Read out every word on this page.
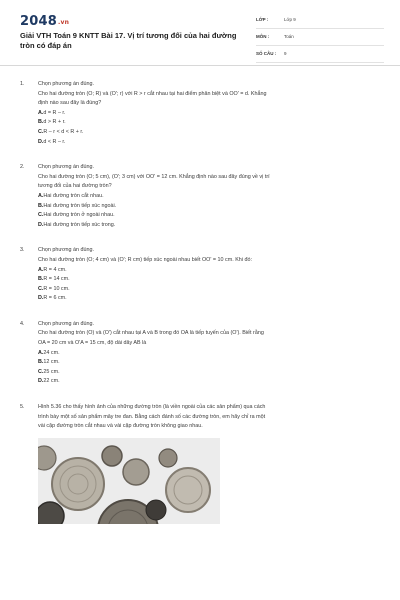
2048.vn
Giải VTH Toán 9 KNTT Bài 17. Vị trí tương đối của hai đường tròn có đáp án
LỚP :	Lớp 9
MÔN :	Toán
SỐ CÂU : 9
1.	Chọn phương án đúng.
Cho hai đường tròn (O; R) và (O'; r) với R > r cắt nhau tại hai điểm phân biệt và OO' = d. Khẳng
định nào sau đây là đúng?
A.d = R – r.
B.d > R + r.
C.R – r < d < R + r.
D.d < R – r.
2.	Chọn phương án đúng.
Cho hai đường tròn (O; 5 cm), (O'; 3 cm) với OO' = 12 cm. Khẳng định nào sau đây đúng về vị trí
tương đối của hai đường tròn?
A.Hai đường tròn cắt nhau.
B.Hai đường tròn tiếp xúc ngoài.
C.Hai đường tròn ở ngoài nhau.
D.Hai đường tròn tiếp xúc trong.
3.	Chọn phương án đúng.
Cho hai đường tròn (O; 4 cm) và (O'; R cm) tiếp xúc ngoài nhau biết OO' = 10 cm. Khi đó:
A.R = 4 cm.
B.R = 14 cm.
C.R = 10 cm.
D.R = 6 cm.
4.	Chọn phương án đúng.
Cho hai đường tròn (O) và (O') cắt nhau tại A và B trong đó OA là tiếp tuyến của (O'). Biết rằng
OA = 20 cm và O'A = 15 cm, độ dài dây AB là
A.24 cm.
B.12 cm.
C.25 cm.
D.22 cm.
5.	Hình 5.36 cho thấy hình ảnh của những đường tròn (là viền ngoài của các sản phẩm) qua cách
trình bày một số sản phẩm mây tre đan. Bằng cách đánh số các đường tròn, em hãy chỉ ra một
vài cặp đường tròn cắt nhau và vài cặp đường tròn không giao nhau.
